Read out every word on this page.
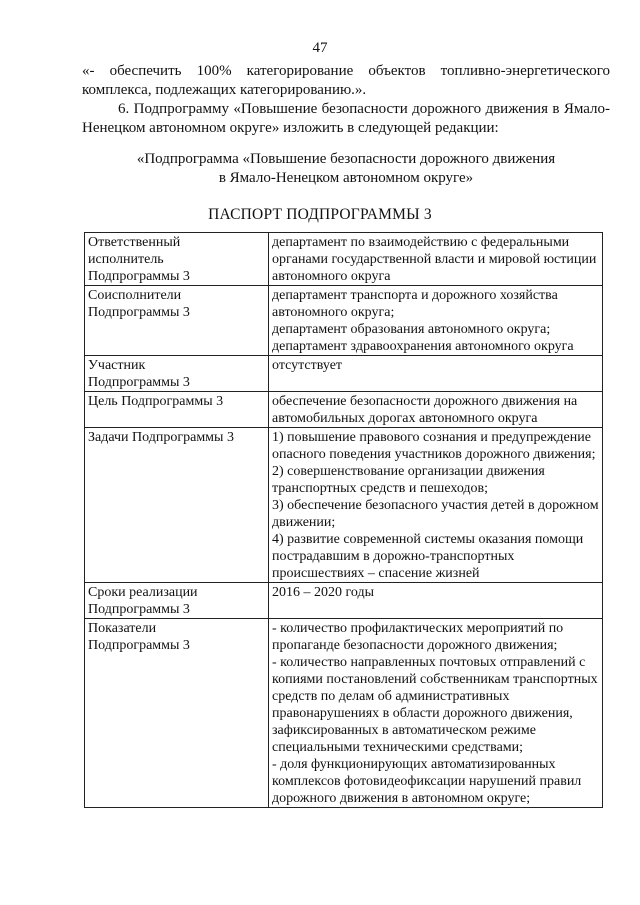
47

«- обеспечить 100% категорирование объектов топливно-энергетического комплекса, подлежащих категорированию.».

6. Подпрограмму «Повышение безопасности дорожного движения в Ямало-Ненецком автономном округе» изложить в следующей редакции:

«Подпрограмма «Повышение безопасности дорожного движения
в Ямало-Ненецком автономном округе»
ПАСПОРТ ПОДПРОГРАММЫ 3
Ответственный
исполнитель
Подпрограммы 3	департамент по взаимодействию с федеральными органами государственной власти и мировой юстиции автономного округа

Соисполнители
Подпрограммы 3	департамент транспорта и дорожного хозяйства автономного округа;
департамент образования автономного округа;
департамент здравоохранения автономного округа

Участник
Подпрограммы 3	отсутствует

Цель Подпрограммы 3	обеспечение безопасности дорожного движения на автомобильных дорогах автономного округа

Задачи Подпрограммы 3	1) повышение правового сознания и предупреждение опасного поведения участников дорожного движения;
2) совершенствование организации движения транспортных средств и пешеходов;
3) обеспечение безопасного участия детей в дорожном движении;
4) развитие современной системы оказания помощи пострадавшим в дорожно-транспортных происшествиях – спасение жизней

Сроки реализации
Подпрограммы 3	2016 – 2020 годы

Показатели
Подпрограммы 3	- количество профилактических мероприятий по пропаганде безопасности дорожного движения;
- количество направленных почтовых отправлений с копиями постановлений собственникам транспортных средств по делам об административных правонарушениях в области дорожного движения, зафиксированных в автоматическом режиме специальными техническими средствами;
- доля функционирующих автоматизированных комплексов фотовидеофиксации нарушений правил дорожного движения в автономном округе;
